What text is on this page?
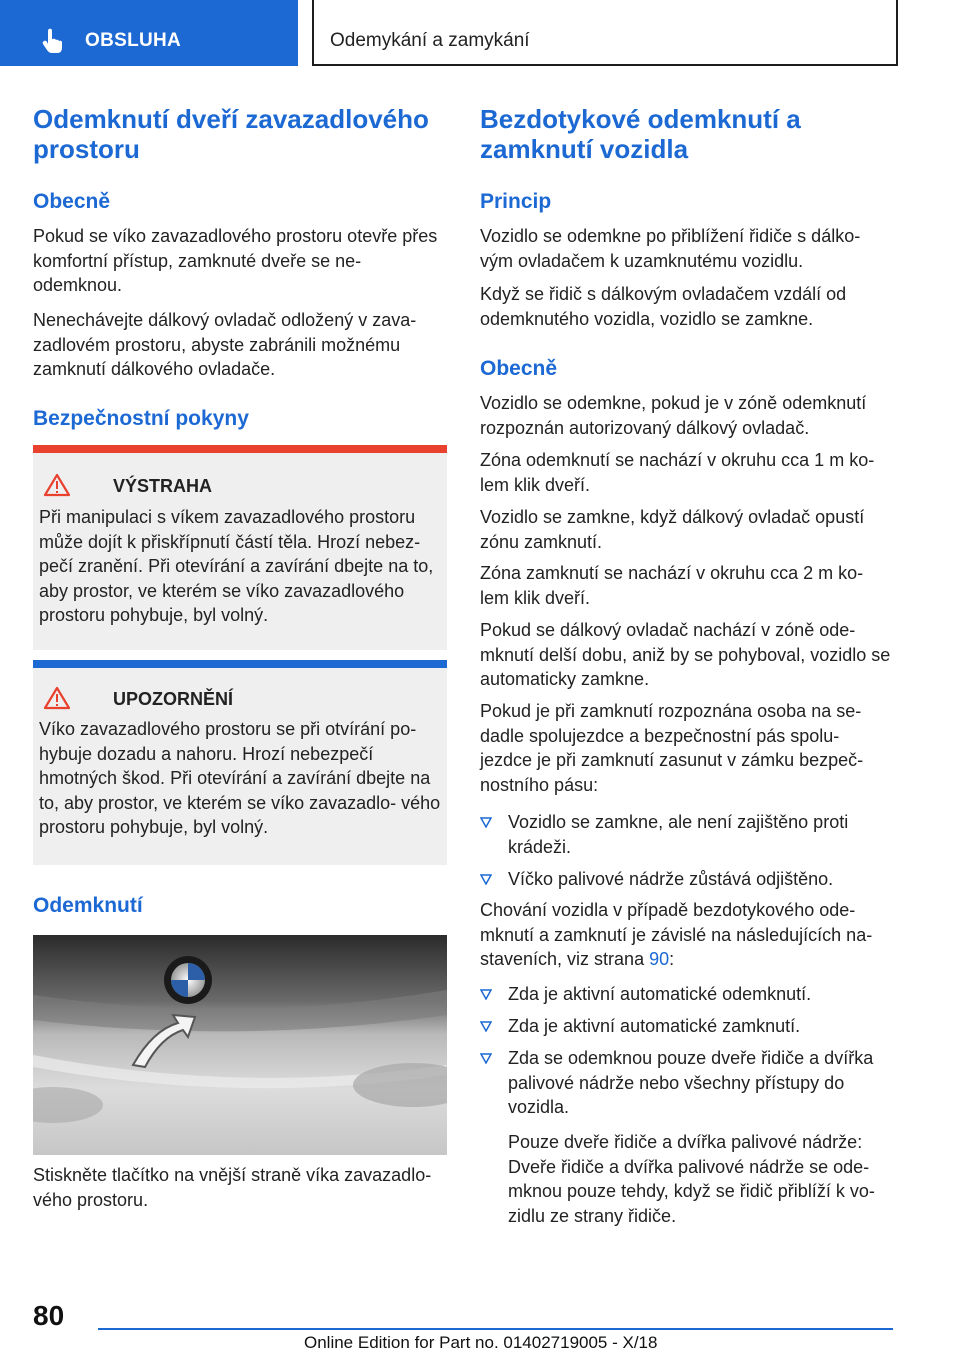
OBSLUHA	Odemykání a zamykání
Odemknutí dveří zavazadlového prostoru
Obecně

Pokud se víko zavazadlového prostoru otevře přes komfortní přístup, zamknuté dveře se ne‐ odemknou.

Nenechávejte dálkový ovladač odložený v zava‐ zadlovém prostoru, abyste zabránili možnému zamknutí dálkového ovladače.

Bezpečnostní pokyny
VÝSTRAHA

Při manipulaci s víkem zavazadlového prostoru může dojít k přiskřípnutí částí těla. Hrozí nebez‐ pečí zranění. Při otevírání a zavírání dbejte na to, aby prostor, ve kterém se víko zavazadlového prostoru pohybuje, byl volný.

UPOZORNĚNÍ

Víko zavazadlového prostoru se při otvírání po‐ hybuje dozadu a nahoru. Hrozí nebezpečí hmotných škod. Při otevírání a zavírání dbejte na to, aby prostor, ve kterém se víko zavazadlo‐ vého prostoru pohybuje, byl volný.

Odemknutí

Stiskněte tlačítko na vnější straně víka zavazadlo‐ vého prostoru.

Bezdotykové odemknutí a zamknutí vozidla
Princip

Vozidlo se odemkne po přiblížení řidiče s dálko‐ vým ovladačem k uzamknutému vozidlu.

Když se řidič s dálkovým ovladačem vzdálí od odemknutého vozidla, vozidlo se zamkne.

Obecně

Vozidlo se odemkne, pokud je v zóně odemknutí rozpoznán autorizovaný dálkový ovladač.

Zóna odemknutí se nachází v okruhu cca 1 m ko‐ lem klik dveří.

Vozidlo se zamkne, když dálkový ovladač opustí zónu zamknutí.

Zóna zamknutí se nachází v okruhu cca 2 m ko‐ lem klik dveří.

Pokud se dálkový ovladač nachází v zóně ode‐ mknutí delší dobu, aniž by se pohyboval, vozidlo se automaticky zamkne.

Pokud je při zamknutí rozpoznána osoba na se‐ dadle spolujezdce a bezpečnostní pás spolu‐ jezdce je při zamknutí zasunut v zámku bezpeč‐ nostního pásu:

Vozidlo se zamkne, ale není zajištěno proti krádeži.
Víčko palivové nádrže zůstává odjištěno.

Chování vozidla v případě bezdotykového ode‐ mknutí a zamknutí je závislé na následujících na‐ staveních, viz strana 90:

Zda je aktivní automatické odemknutí.
Zda je aktivní automatické zamknutí.
Zda se odemknou pouze dveře řidiče a dvířka palivové nádrže nebo všechny přístupy do vozidla.

Pouze dveře řidiče a dvířka palivové nádrže: Dveře řidiče a dvířka palivové nádrže se ode‐ mknou pouze tehdy, když se řidič přiblíží k vo‐ zidlu ze strany řidiče.

80
Online Edition for Part no. 01402719005 - X/18
